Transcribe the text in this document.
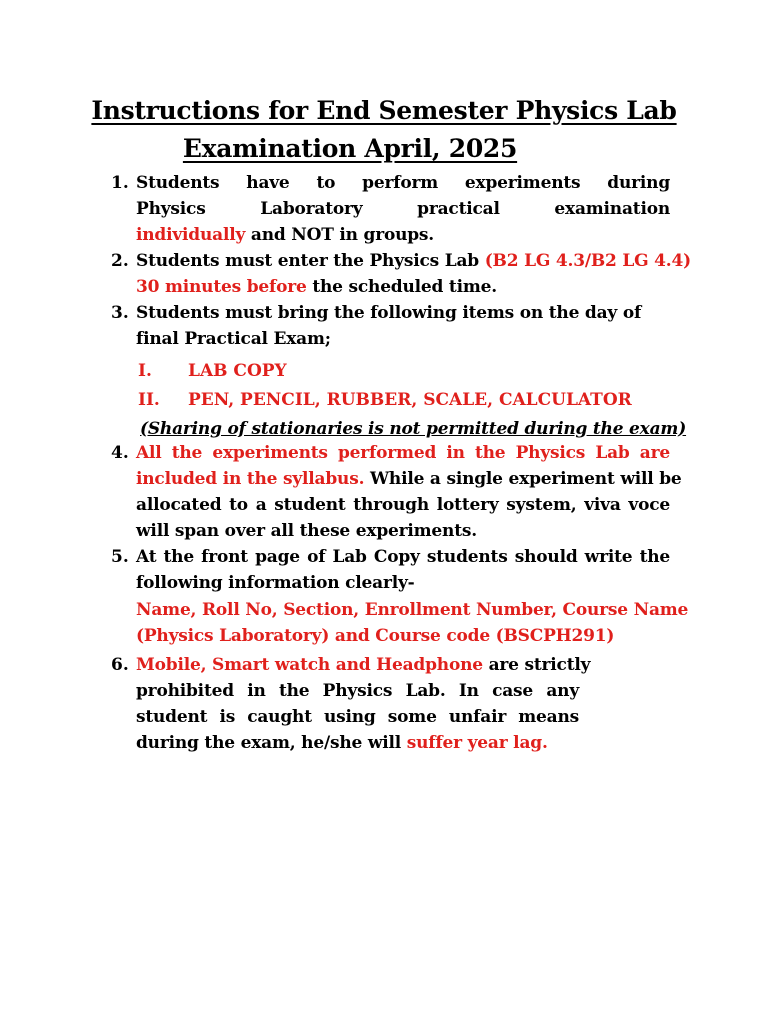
Instructions for End Semester Physics Lab
Examination April, 2025
1. Students have to perform experiments during
Physics Laboratory practical examination
individually and NOT in groups.
2. Students must enter the Physics Lab (B2 LG 4.3/B2 LG 4.4)
30 minutes before the scheduled time.
3. Students must bring the following items on the day of
final Practical Exam;
I. LAB COPY
II. PEN, PENCIL, RUBBER, SCALE, CALCULATOR
(Sharing of stationaries is not permitted during the exam)
4. All the experiments performed in the Physics Lab are
included in the syllabus. While a single experiment will be
allocated to a student through lottery system, viva voce
will span over all these experiments.
5. At the front page of Lab Copy students should write the
following information clearly-
Name, Roll No, Section, Enrollment Number, Course Name
(Physics Laboratory) and Course code (BSCPH291)
6. Mobile, Smart watch and Headphone are strictly
prohibited in the Physics Lab. In case any
student is caught using some unfair means
during the exam, he/she will suffer year lag.
